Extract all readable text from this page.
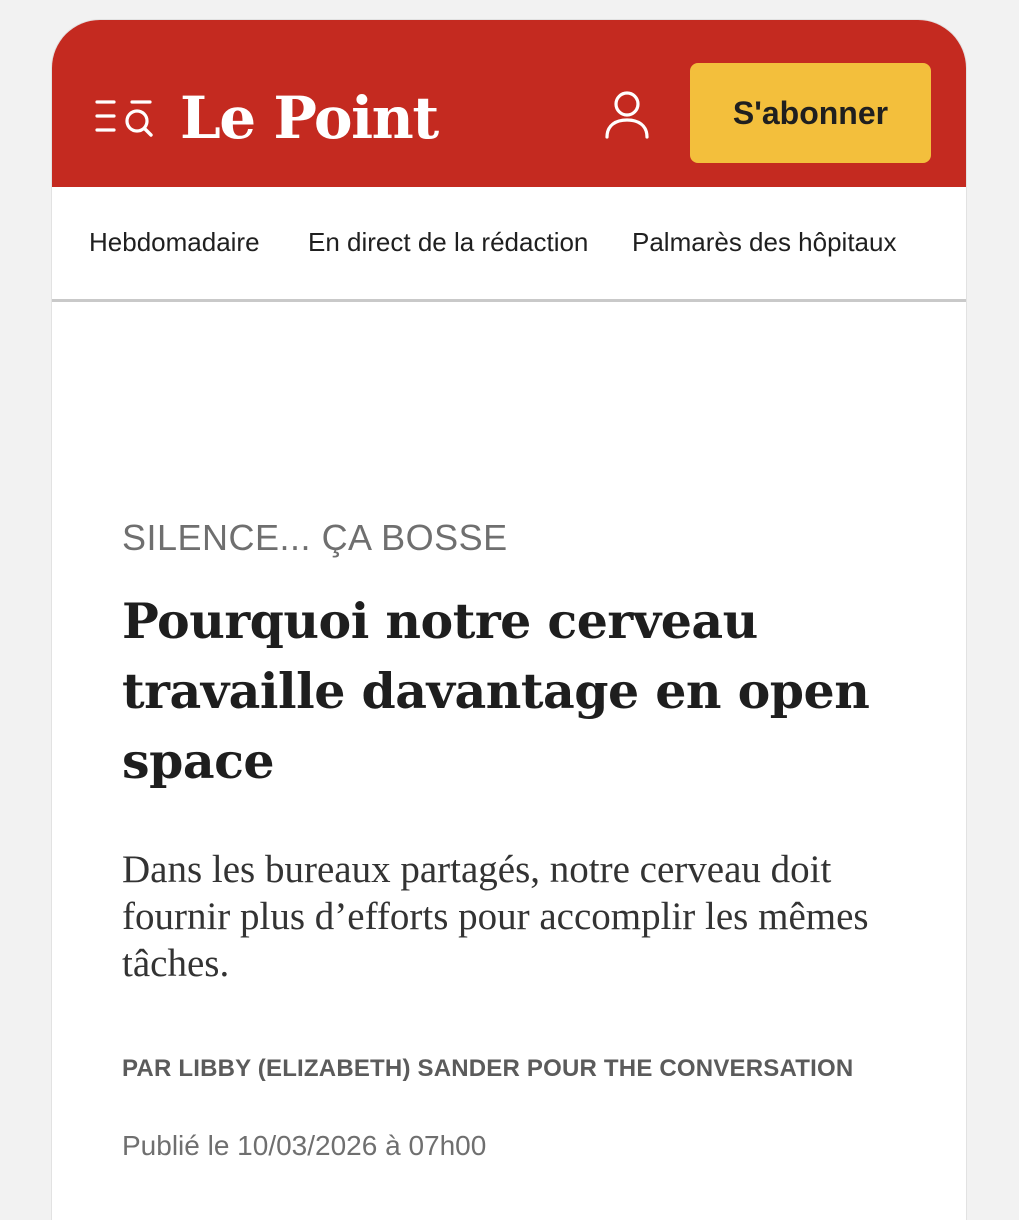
Le Point	S'abonner
Hebdomadaire En direct de la rédaction Palmarès des hôpitaux
SILENCE... ÇA BOSSE
Pourquoi notre cerveau travaille davantage en open space

Dans les bureaux partagés, notre cerveau doit fournir plus d’efforts pour accomplir les mêmes tâches.

PAR LIBBY (ELIZABETH) SANDER POUR THE CONVERSATION
Publié le 10/03/2026 à 07h00
